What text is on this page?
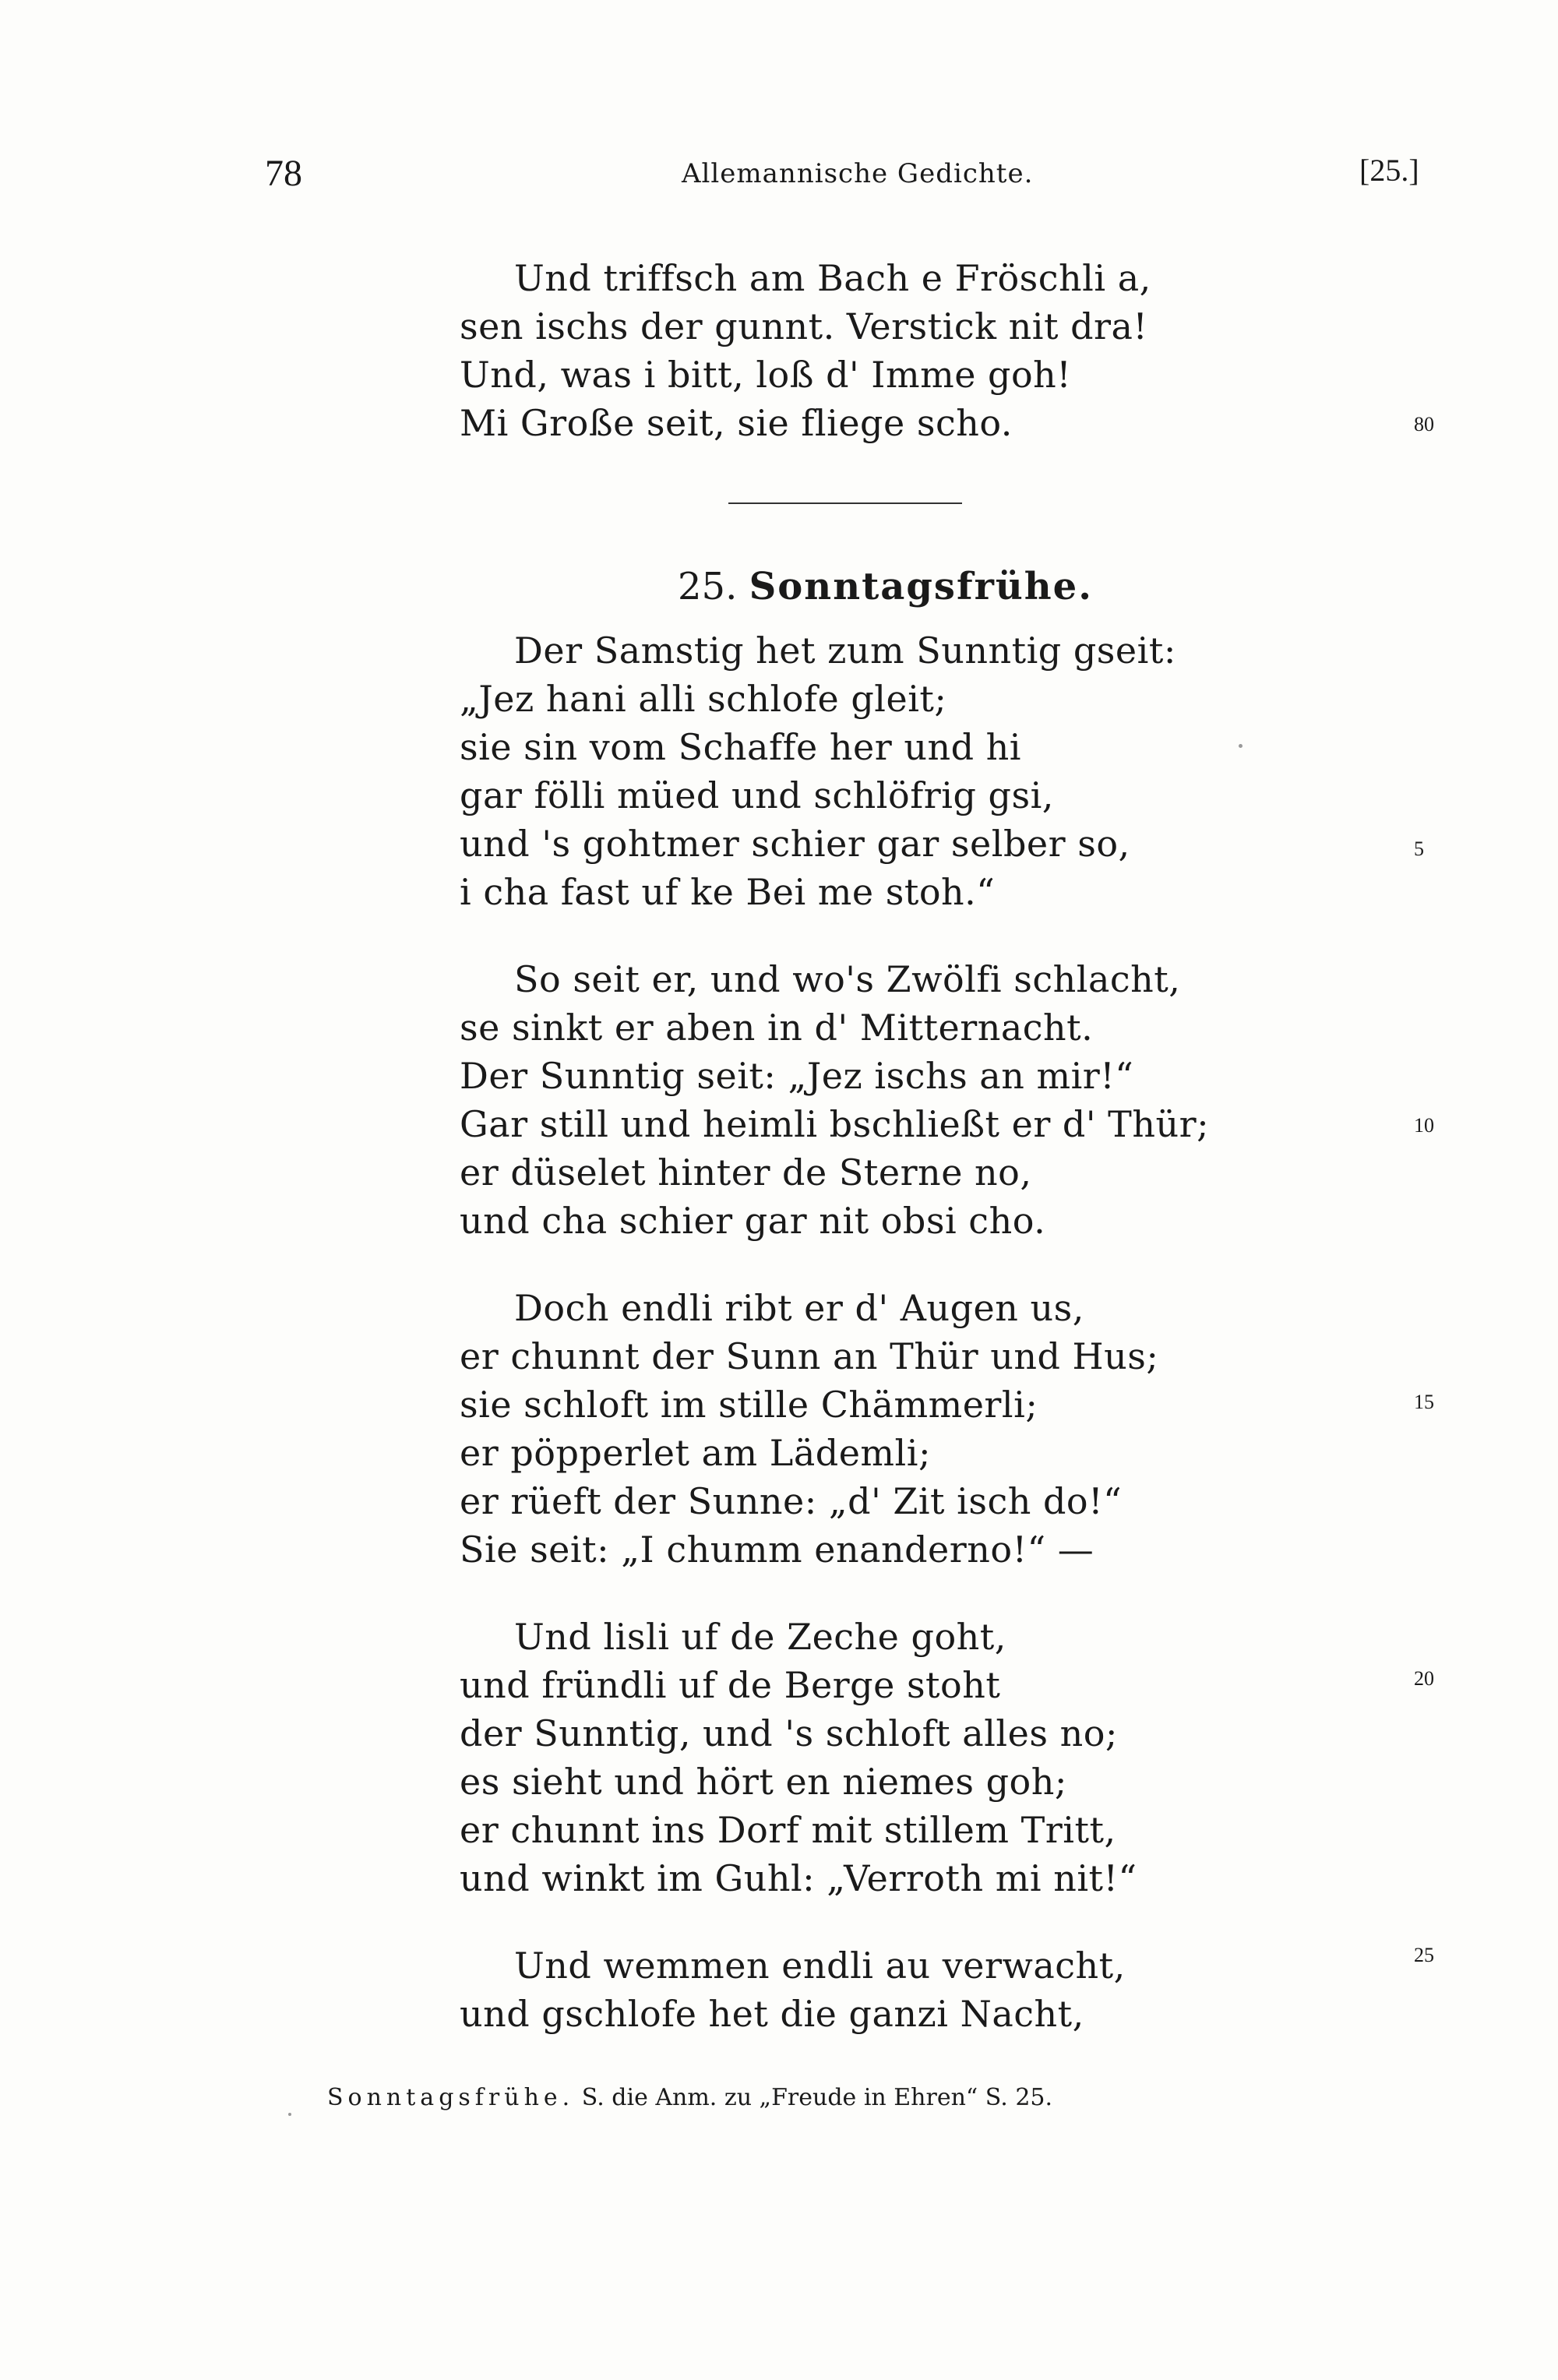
78	Allemannische Gedichte.	[25.]
Und triffsch am Bach e Fröschli a,
sen ischs der gunnt. Verstick nit dra!
Und, was i bitt, loß d' Imme goh!
Mi Großе seit, sie fliege scho.	80
25. Sonntagsfrühe.
Der Samstig het zum Sunntig gseit:
„Jez hani alli schlofe gleit;
sie sin vom Schaffe her und hi
gar fölli müed und schlöfrig gsi,
und 's gohtmer schier gar selber so,
i cha fast uf ke Bei me stoh.“
5
So seit er, und wo's Zwölfi schlacht,
se sinkt er aben in d' Mitternacht.
Der Sunntig seit: „Jez ischs an mir!“
Gar still und heimli bschließt er d' Thür;
er düselet hinter de Sterne no,
und cha schier gar nit obsi cho.
10
Doch endli ribt er d' Augen us,
er chunnt der Sunn an Thür und Hus;
sie schloft im stille Chämmerli;
er pöpperlet am Lädemli;
er rüeft der Sunne: „d' Zit isch do!“
Sie seit: „I chumm enanderno!“ —
15
Und lisli uf de Zeche goht,
und fründli uf de Berge stoht
der Sunntig, und 's schloft alles no;
es sieht und hört en niemes goh;
er chunnt ins Dorf mit stillem Tritt,
und winkt im Guhl: „Verroth mi nit!“
20
Und wemmen endli au verwacht,
und gschlofe het die ganzi Nacht,
25
Sonntagsfrühe. S. die Anm. zu „Freude in Ehren“ S. 25.
